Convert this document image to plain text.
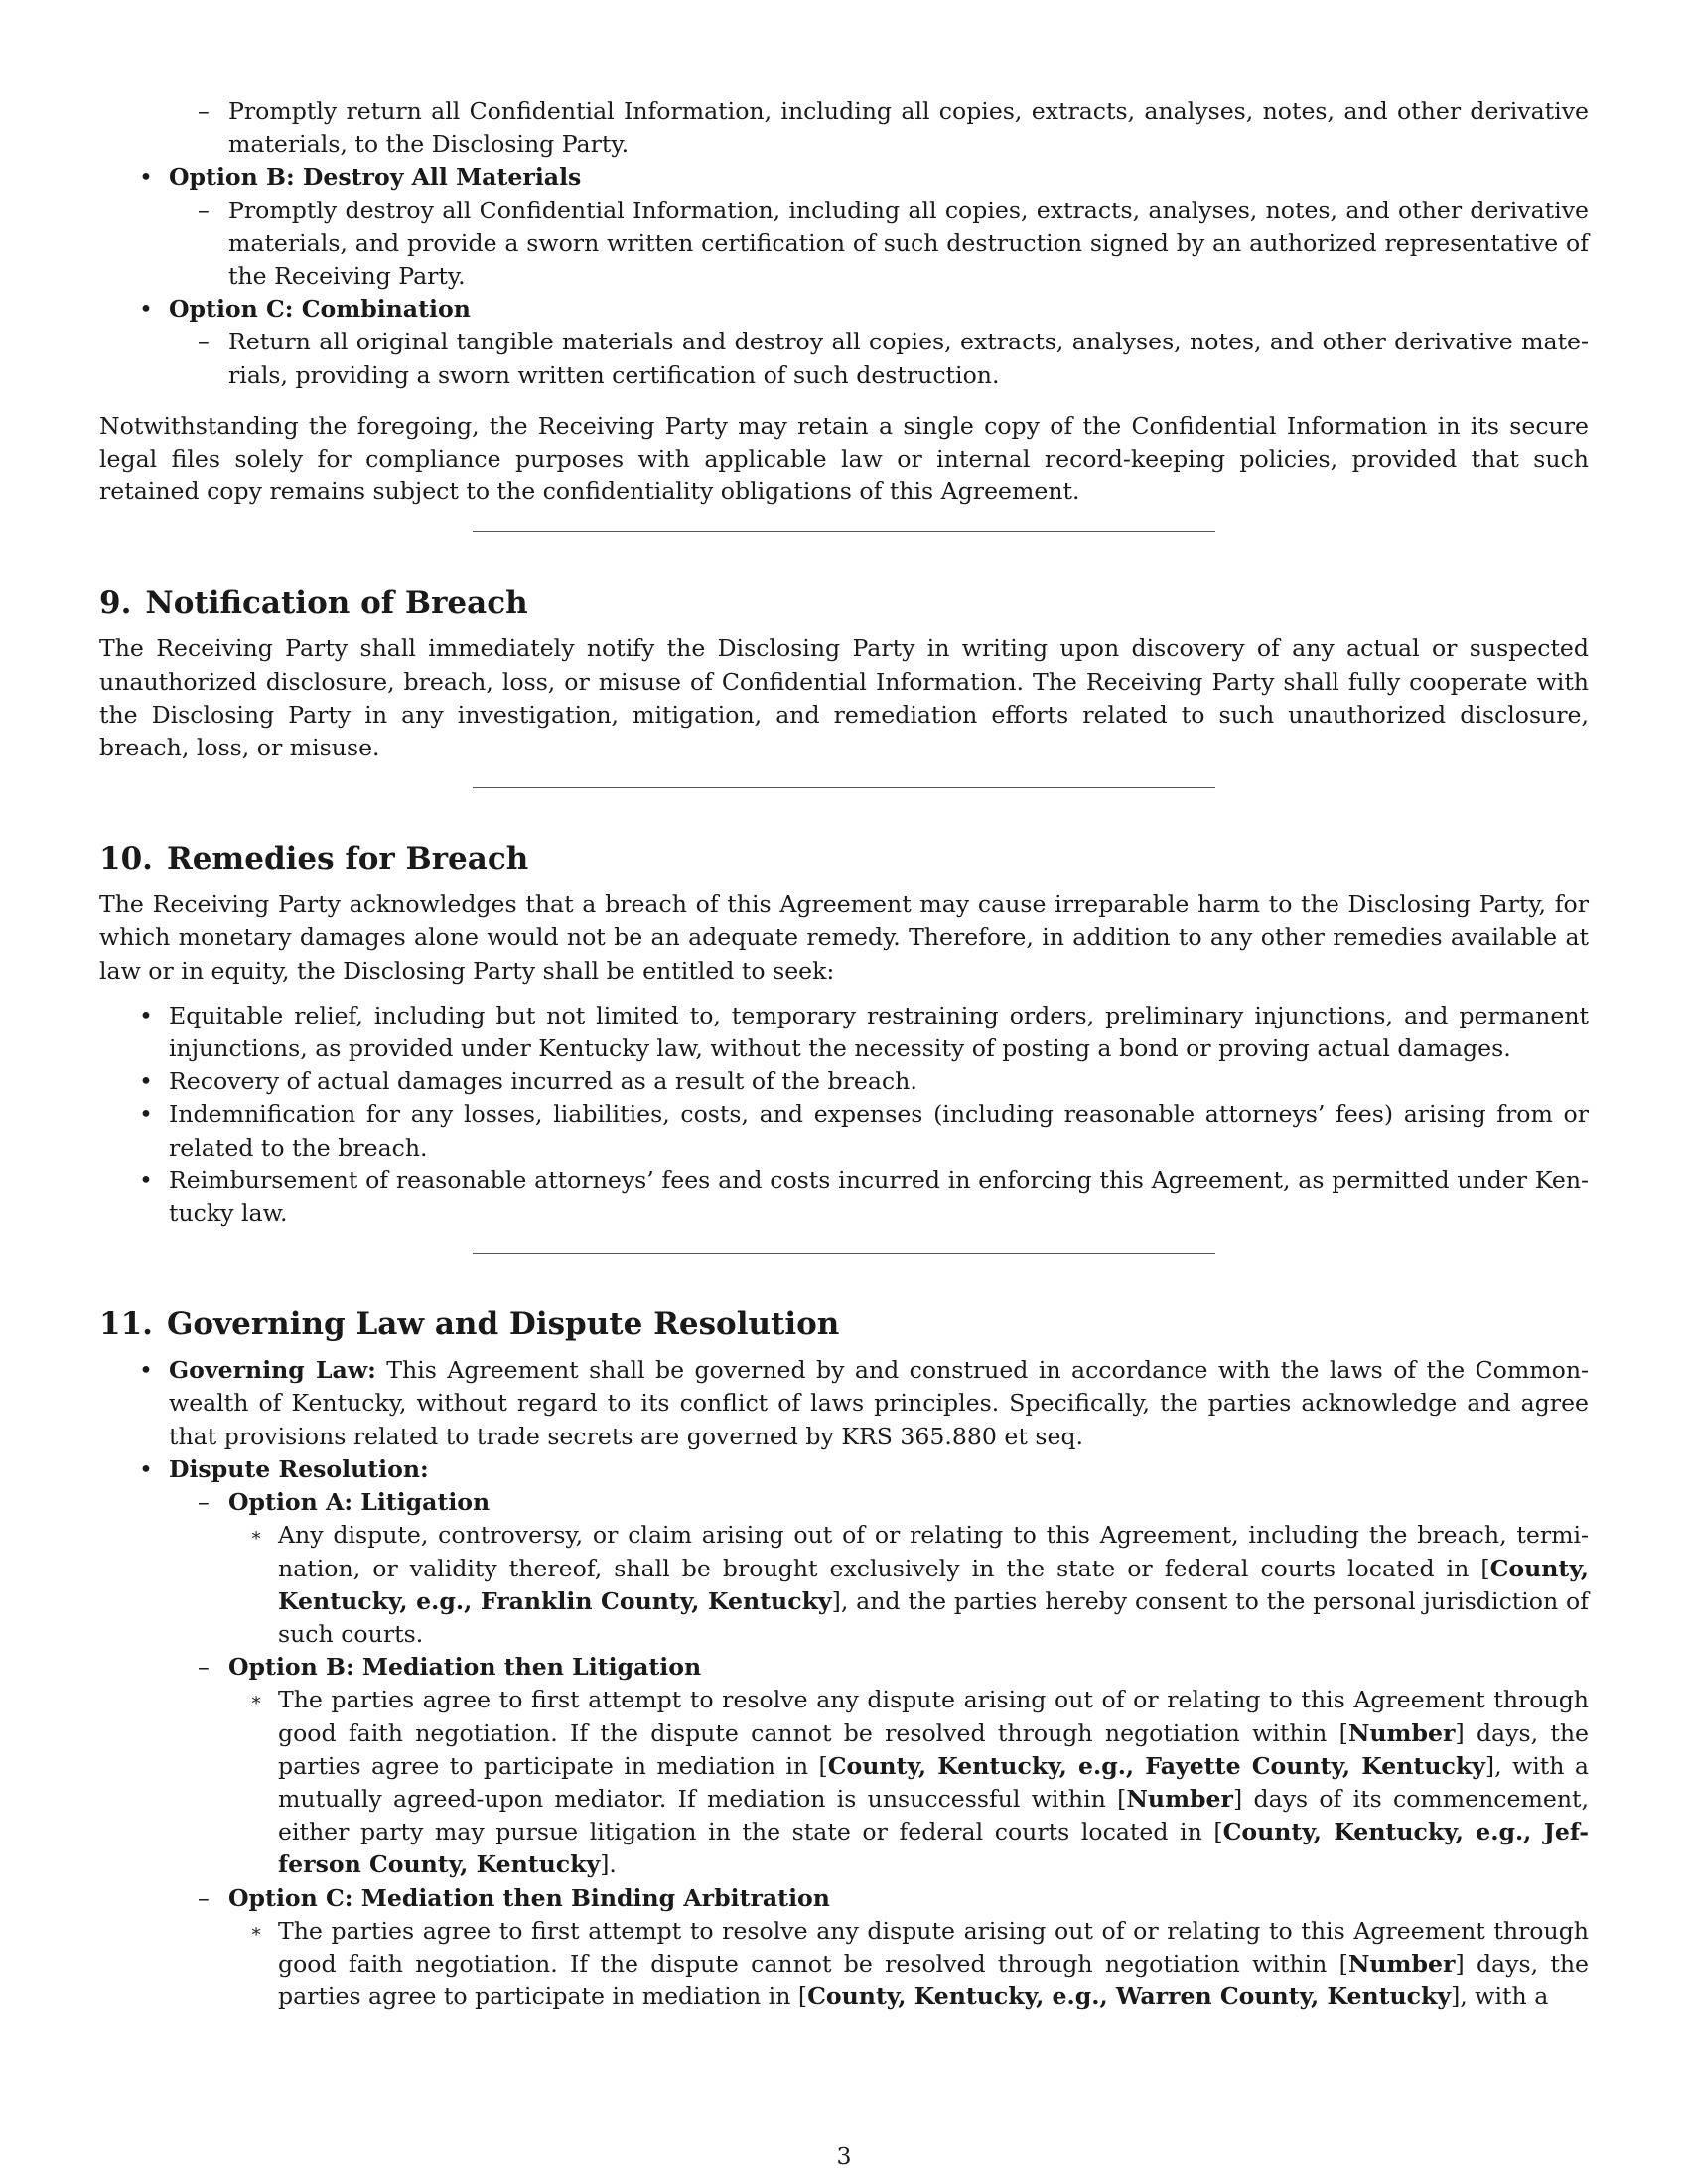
– Promptly return all Confidential Information, including all copies, extracts, analyses, notes, and other derivative materials, to the Disclosing Party.
• Option B: Destroy All Materials
– Promptly destroy all Confidential Information, including all copies, extracts, analyses, notes, and other derivative materials, and provide a sworn written certification of such destruction signed by an authorized representative of the Receiving Party.
• Option C: Combination
– Return all original tangible materials and destroy all copies, extracts, analyses, notes, and other derivative mate-rials, providing a sworn written certification of such destruction.

Notwithstanding the foregoing, the Receiving Party may retain a single copy of the Confidential Information in its secure legal files solely for compliance purposes with applicable law or internal record-keeping policies, provided that such retained copy remains subject to the confidentiality obligations of this Agreement.

9. Notification of Breach

The Receiving Party shall immediately notify the Disclosing Party in writing upon discovery of any actual or suspected unauthorized disclosure, breach, loss, or misuse of Confidential Information. The Receiving Party shall fully cooperate with the Disclosing Party in any investigation, mitigation, and remediation efforts related to such unauthorized disclosure, breach, loss, or misuse.

10. Remedies for Breach

The Receiving Party acknowledges that a breach of this Agreement may cause irreparable harm to the Disclosing Party, for which monetary damages alone would not be an adequate remedy. Therefore, in addition to any other remedies available at law or in equity, the Disclosing Party shall be entitled to seek:

• Equitable relief, including but not limited to, temporary restraining orders, preliminary injunctions, and permanent injunctions, as provided under Kentucky law, without the necessity of posting a bond or proving actual damages.
• Recovery of actual damages incurred as a result of the breach.
• Indemnification for any losses, liabilities, costs, and expenses (including reasonable attorneys’ fees) arising from or related to the breach.
• Reimbursement of reasonable attorneys’ fees and costs incurred in enforcing this Agreement, as permitted under Ken-tucky law.
11. Governing Law and Dispute Resolution
• Governing Law: This Agreement shall be governed by and construed in accordance with the laws of the Common-wealth of Kentucky, without regard to its conflict of laws principles. Specifically, the parties acknowledge and agree that provisions related to trade secrets are governed by KRS 365.880 et seq.
• Dispute Resolution:
– Option A: Litigation
∗ Any dispute, controversy, or claim arising out of or relating to this Agreement, including the breach, termi-nation, or validity thereof, shall be brought exclusively in the state or federal courts located in [County, Kentucky, e.g., Franklin County, Kentucky], and the parties hereby consent to the personal jurisdiction of such courts.
– Option B: Mediation then Litigation
∗ The parties agree to first attempt to resolve any dispute arising out of or relating to this Agreement through good faith negotiation. If the dispute cannot be resolved through negotiation within [Number] days, the parties agree to participate in mediation in [County, Kentucky, e.g., Fayette County, Kentucky], with a mutually agreed-upon mediator. If mediation is unsuccessful within [Number] days of its commencement, either party may pursue litigation in the state or federal courts located in [County, Kentucky, e.g., Jef-ferson County, Kentucky].
– Option C: Mediation then Binding Arbitration
∗ The parties agree to first attempt to resolve any dispute arising out of or relating to this Agreement through good faith negotiation. If the dispute cannot be resolved through negotiation within [Number] days, the parties agree to participate in mediation in [County, Kentucky, e.g., Warren County, Kentucky], with a
3
